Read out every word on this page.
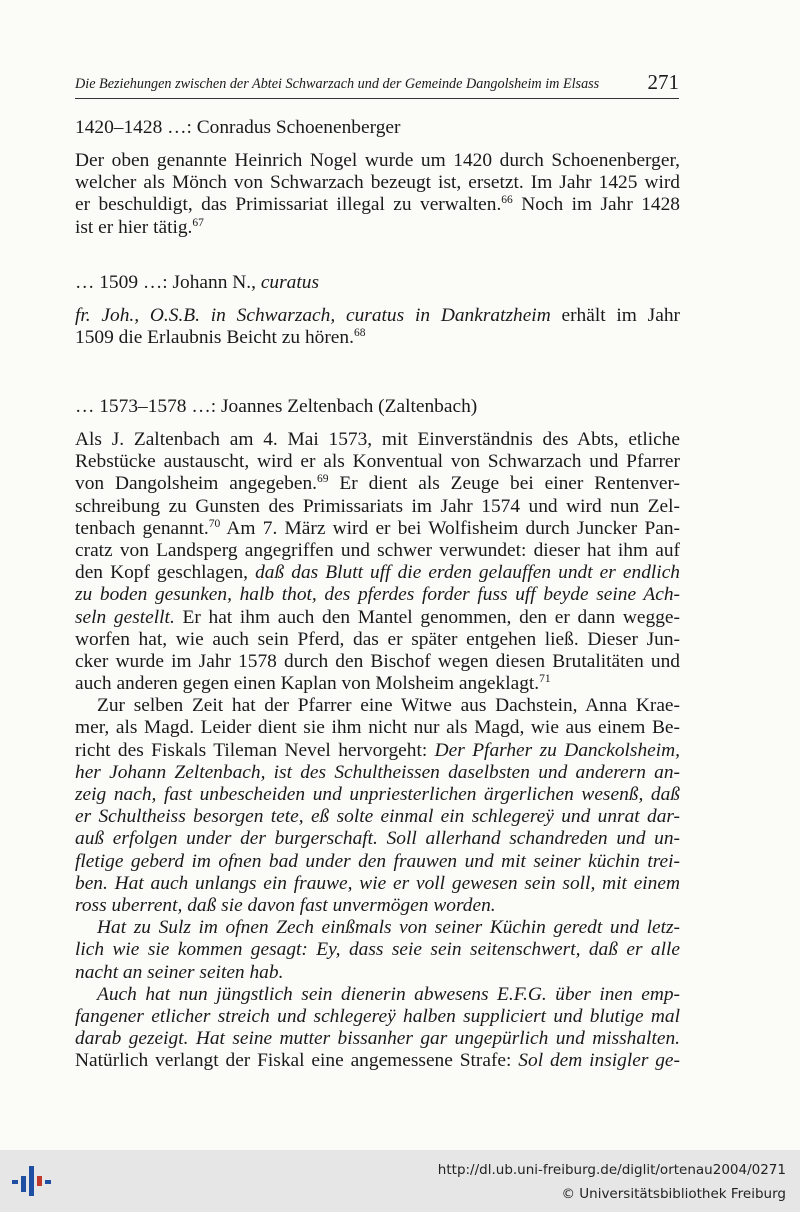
Die Beziehungen zwischen der Abtei Schwarzach und der Gemeinde Dangolsheim im Elsass 271
1420–1428 …: Conradus Schoenenberger
Der oben genannte Heinrich Nogel wurde um 1420 durch Schoenenberger,
welcher als Mönch von Schwarzach bezeugt ist, ersetzt. Im Jahr 1425 wird
er beschuldigt, das Primissariat illegal zu verwalten.$^{66}$ Noch im Jahr 1428
ist er hier tätig.$^{67}$
… 1509 …: Johann N., curatus
fr. Joh., O.S.B. in Schwarzach, curatus in Dankratzheim erhält im Jahr
1509 die Erlaubnis Beicht zu hören.$^{68}$
… 1573–1578 …: Joannes Zeltenbach (Zaltenbach)
Als J. Zaltenbach am 4. Mai 1573, mit Einverständnis des Abts, etliche
Rebstücke austauscht, wird er als Konventual von Schwarzach und Pfarrer
von Dangolsheim angegeben.$^{69}$ Er dient als Zeuge bei einer Rentenver-
schreibung zu Gunsten des Primissariats im Jahr 1574 und wird nun Zel-
tenbach genannt.$^{70}$ Am 7. März wird er bei Wolfisheim durch Juncker Pan-
cratz von Landsperg angegriffen und schwer verwundet: dieser hat ihm auf
den Kopf geschlagen, daß das Blutt uff die erden gelauffen undt er endlich
zu boden gesunken, halb thot, des pferdes forder fuss uff beyde seine Ach-
seln gestellt. Er hat ihm auch den Mantel genommen, den er dann wegge-
worfen hat, wie auch sein Pferd, das er später entgehen ließ. Dieser Jun-
cker wurde im Jahr 1578 durch den Bischof wegen diesen Brutalitäten und
auch anderen gegen einen Kaplan von Molsheim angeklagt.$^{71}$
Zur selben Zeit hat der Pfarrer eine Witwe aus Dachstein, Anna Krae-
mer, als Magd. Leider dient sie ihm nicht nur als Magd, wie aus einem Be-
richt des Fiskals Tileman Nevel hervorgeht: Der Pfarher zu Danckolsheim,
her Johann Zeltenbach, ist des Schultheissen daselbsten und anderern an-
zeig nach, fast unbescheiden und unpriesterlichen ärgerlichen wesenß, daß
er Schultheiss besorgen tete, eß solte einmal ein schlegereÿ und unrat dar-
auß erfolgen under der burgerschaft. Soll allerhand schandreden und un-
fletige geberd im ofnen bad under den frauwen und mit seiner küchin trei-
ben. Hat auch unlangs ein frauwe, wie er voll gewesen sein soll, mit einem
ross uberrent, daß sie davon fast unvermögen worden.
Hat zu Sulz im ofnen Zech einßmals von seiner Küchin geredt und letz-
lich wie sie kommen gesagt: Ey, dass seie sein seitenschwert, daß er alle
nacht an seiner seiten hab.
Auch hat nun jüngstlich sein dienerin abwesens E.F.G. über inen emp-
fangener etlicher streich und schlegereÿ halben suppliciert und blutige mal
darab gezeigt. Hat seine mutter bissanher gar ungepürlich und misshalten.
Natürlich verlangt der Fiskal eine angemessene Strafe: Sol dem insigler ge-
http://dl.ub.uni-freiburg.de/diglit/ortenau2004/0271
© Universitätsbibliothek Freiburg
